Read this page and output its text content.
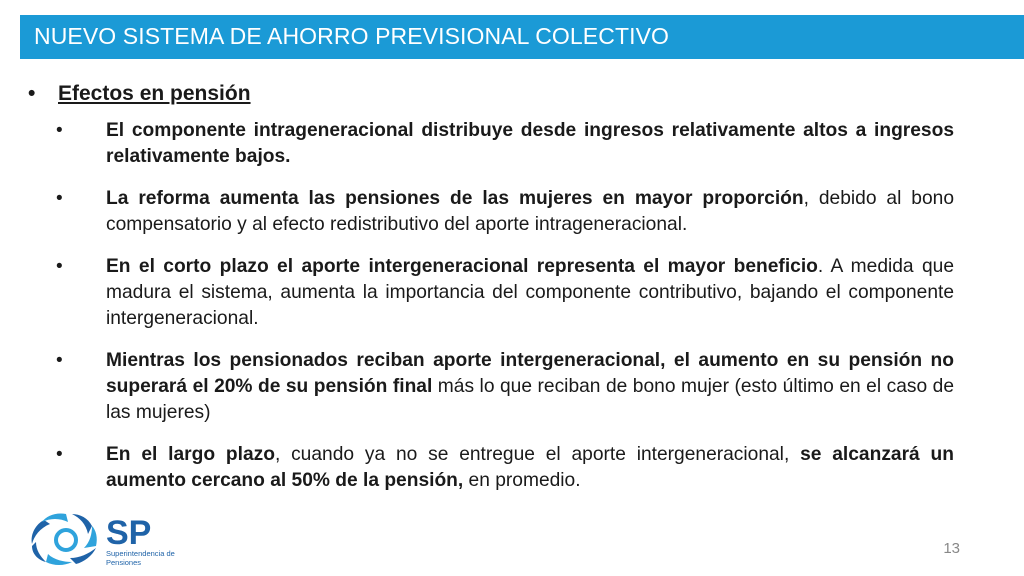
NUEVO SISTEMA DE AHORRO PREVISIONAL COLECTIVO
• Efectos en pensión
• El componente intrageneracional distribuye desde ingresos relativamente altos a ingresos relativamente bajos.
• La reforma aumenta las pensiones de las mujeres en mayor proporción, debido al bono compensatorio y al efecto redistributivo del aporte intrageneracional.
• En el corto plazo el aporte intergeneracional representa el mayor beneficio. A medida que madura el sistema, aumenta la importancia del componente contributivo, bajando el componente intergeneracional.
• Mientras los pensionados reciban aporte intergeneracional, el aumento en su pensión no superará el 20% de su pensión final más lo que reciban de bono mujer (esto último en el caso de las mujeres)
• En el largo plazo, cuando ya no se entregue el aporte intergeneracional, se alcanzará un aumento cercano al 50% de la pensión, en promedio.
SP
Superintendencia de
Pensiones
13
